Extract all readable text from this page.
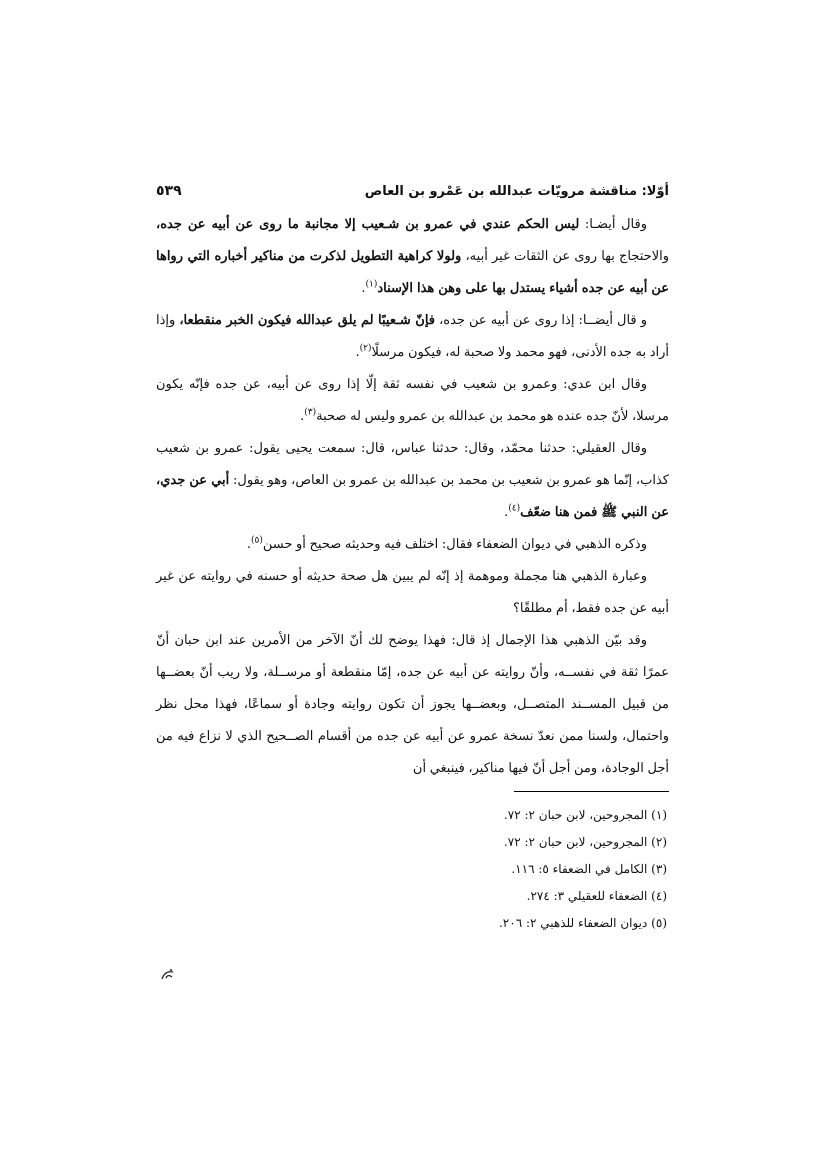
أوّلا: مناقشة مرويّات عبدالله بن عَمْرو بن العاص
٥٣٩

وقال أيضـا: ليس الحكم عندي في عمرو بن شـعيب إلا مجانبة ما روى عن أبيه عن جده، والاحتجاج بها روى عن الثقات غير أبيه، ولولا كراهية التطويل لذكرت من مناكير أخباره التي رواها عن أبيه عن جده أشياء يستدل بها على وهن هذا الإسناد$^{(١)}$.

و قال أيضــا: إذا روى عن أبيه عن جده، فإنّ شـعيبًا لم يلق عبدالله فيكون الخبر منقطعا، وإذا أراد به جده الأدنى، فهو محمد ولا صحبة له، فيكون مرسلًا$^{(٢)}$.

وقال ابن عدي: وعمرو بن شعيب في نفسه ثقة إلّا إذا روى عن أبيه، عن جده فإنّه يكون مرسلا، لأنّ جده عنده هو محمد بن عبدالله بن عمرو وليس له صحبة$^{(٣)}$.

وقال العقيلي: حدثنا محمّد، وقال: حدثنا عباس، قال: سمعت يحيى يقول: عمرو بن شعيب كذاب، إنّما هو عمرو بن شعيب بن محمد بن عبدالله بن عمرو بن العاص، وهو يقول: أبي عن جدي، عن النبي ﷺ فمن هنا ضعّف$^{(٤)}$.

وذكره الذهبي في ديوان الضعفاء فقال: اختلف فيه وحديثه صحيح أو حسن$^{(٥)}$.

وعبارة الذهبي هنا مجملة وموهمة إذ إنّه لم يبين هل صحة حديثه أو حسنه في روايته عن غير أبيه عن جده فقط، أم مطلقًا؟

وقد بيّن الذهبي هذا الإجمال إذ قال: فهذا يوضح لك أنّ الآخر من الأمرين عند ابن حبان أنّ عمرًا ثقة في نفســه، وأنّ روايته عن أبيه عن جده، إمّا منقطعة أو مرســلة، ولا ريب أنّ بعضــها من قبيل المســند المتصــل، وبعضــها يجوز أن تكون روايته وجادة أو سماعًا، فهذا محل نظر واحتمال، ولسنا ممن نعدّ نسخة عمرو عن أبيه عن جده من أقسام الصــحيح الذي لا نزاع فيه من أجل الوجادة، ومن أجل أنّ فيها مناكير، فينبغي أن

(١) المجروحين، لابن حبان ٢: ٧٢.
(٢) المجروحين، لابن حبان ٢: ٧٢.
(٣) الكامل في الضعفاء ٥: ١١٦.
(٤) الضعفاء للعقيلي ٣: ٢٧٤.
(٥) ديوان الضعفاء للذهبي ٢: ٢٠٦.
